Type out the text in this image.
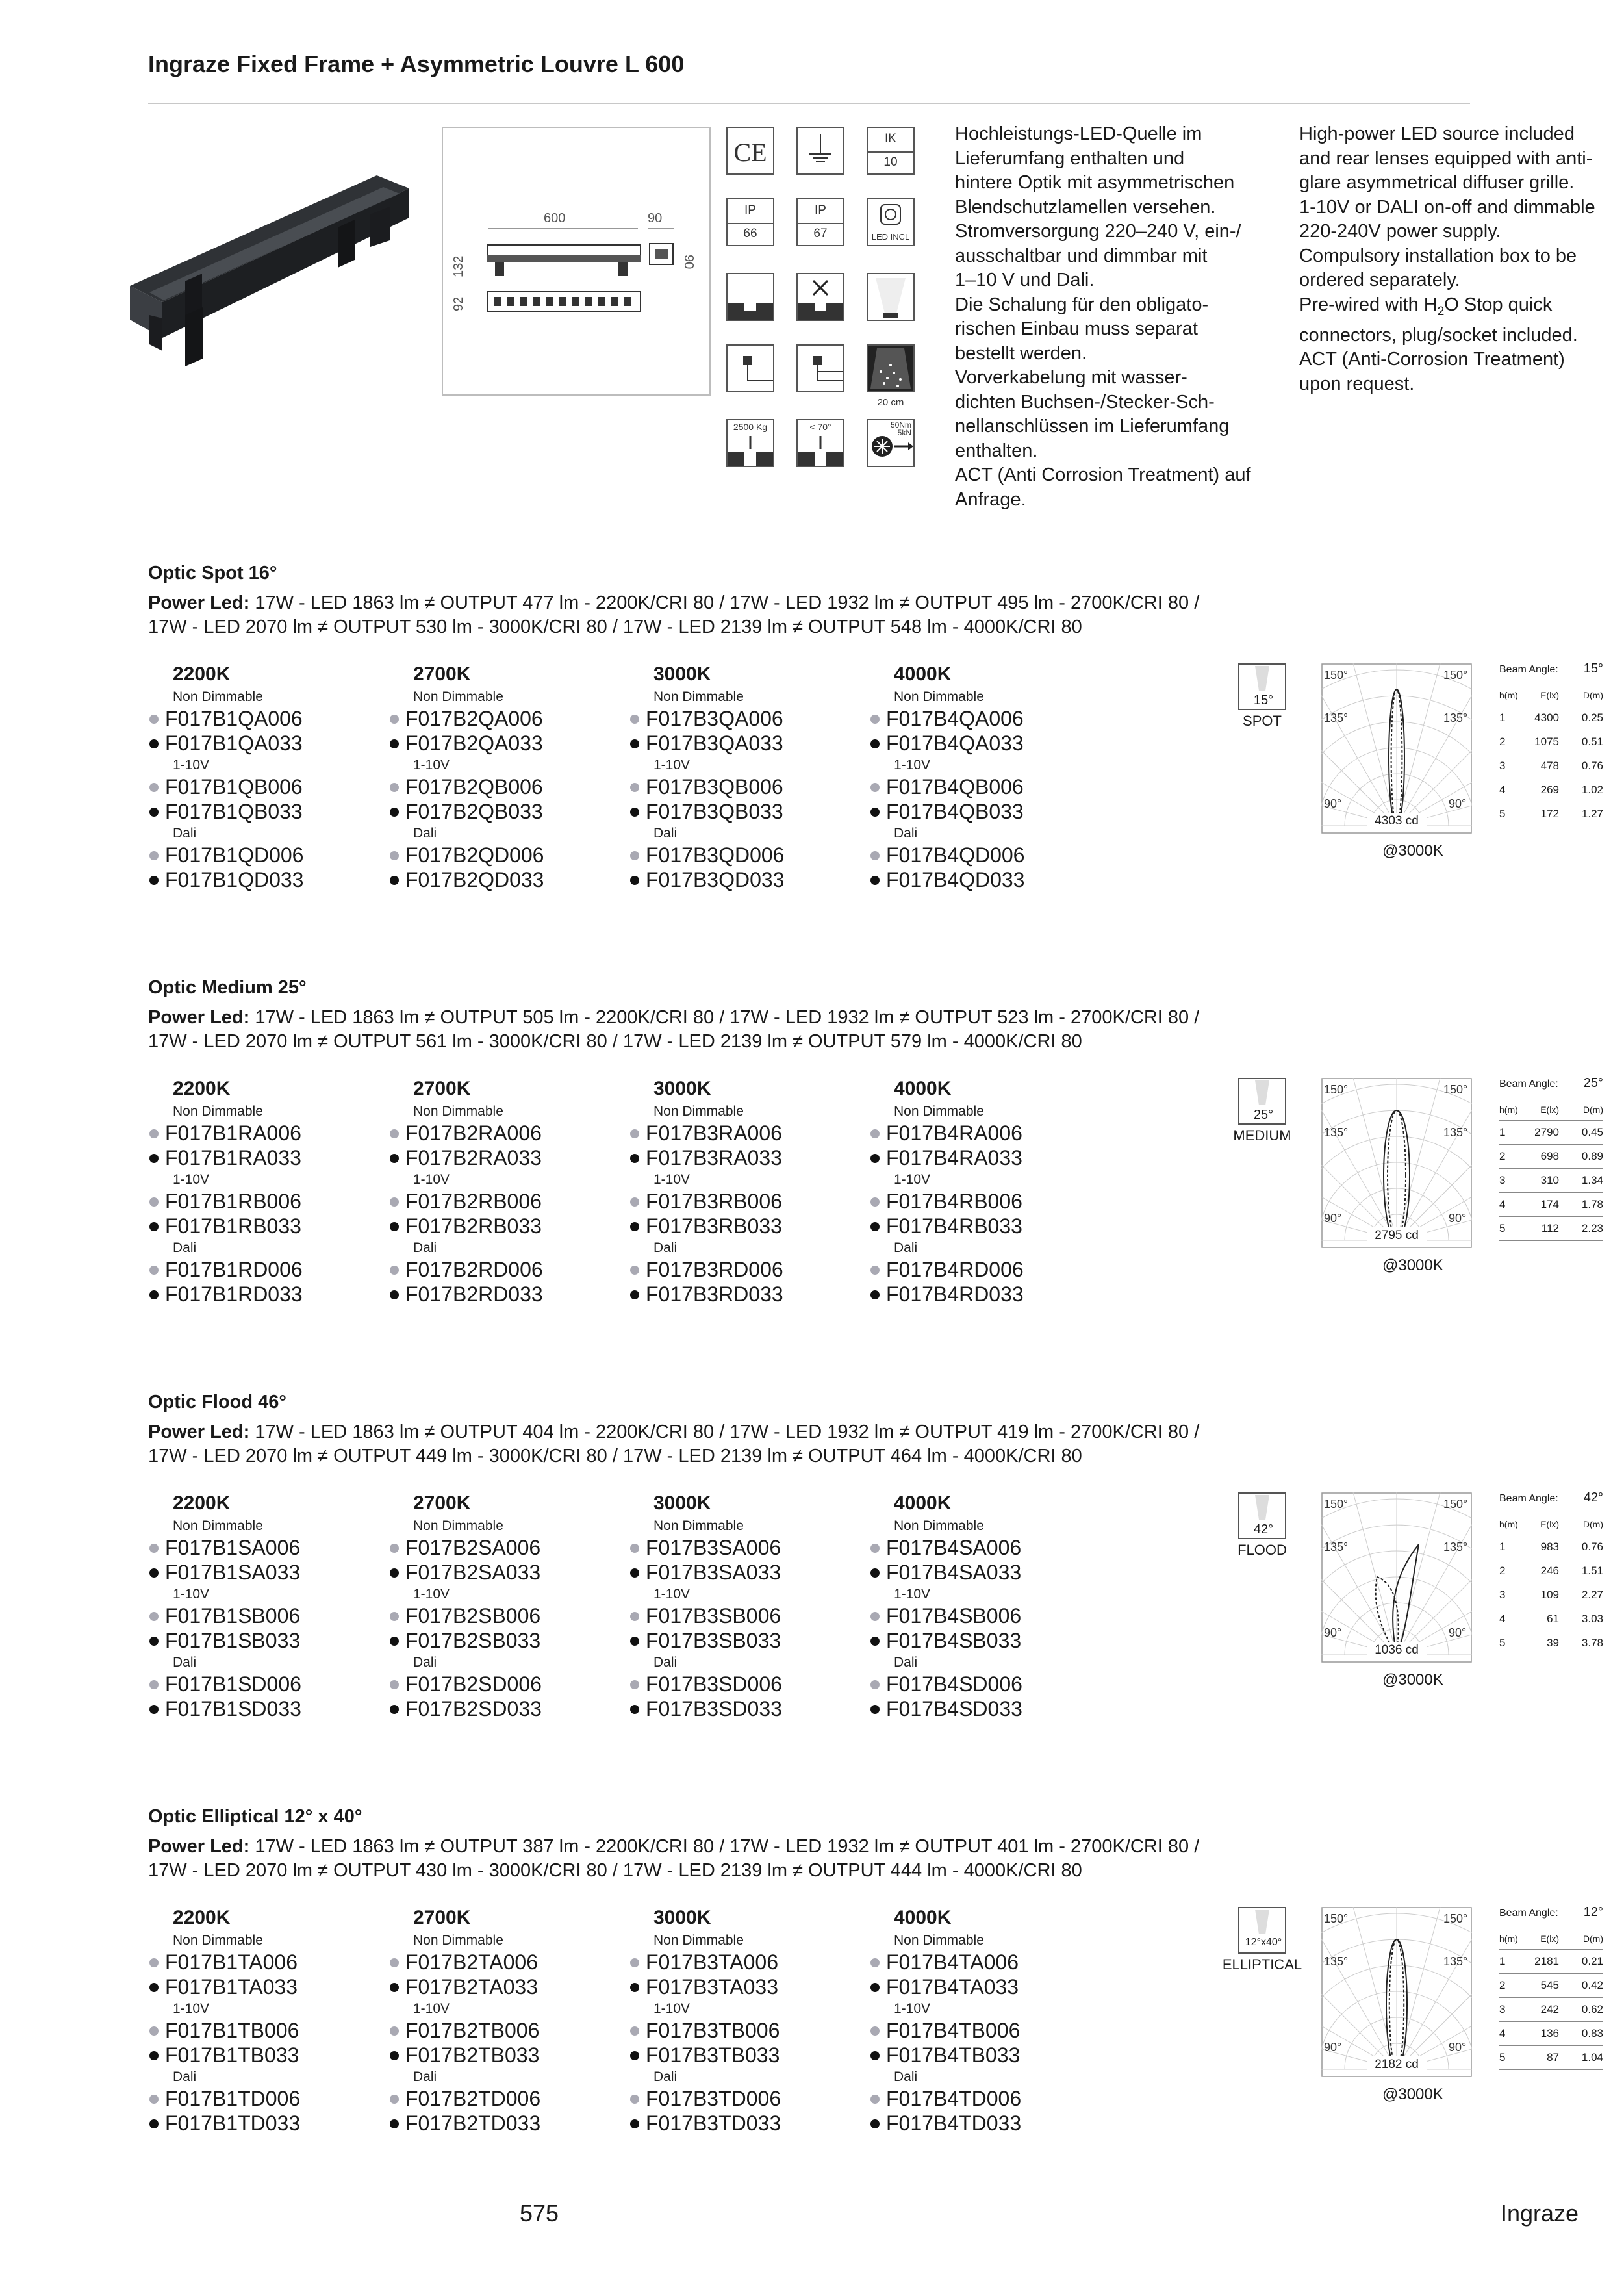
Ingraze Fixed Frame + Asymmetric Louvre L 600
600	90
132	90
92
CE	IK
10
IP
66
IP
67	LED INCL
20 cm
2500 Kg	< 70°	50Nm
5kN
Hochleistungs-LED-Quelle im
Lieferumfang enthalten und
hintere Optik mit asymmetrischen
Blendschutzlamellen versehen.
Stromversorgung 220–240 V, ein-/
ausschaltbar und dimmbar mit
1–10 V und Dali.
Die Schalung für den obligato-
rischen Einbau muss separat
bestellt werden.
Vorverkabelung mit wasser-
dichten Buchsen-/Stecker-Sch-
nellanschlüssen im Lieferumfang
enthalten.
ACT (Anti Corrosion Treatment) auf
Anfrage.
High-power LED source included
and rear lenses equipped with anti-
glare asymmetrical diffuser grille.
1-10V or DALI on-off and dimmable
220-240V power supply.
Compulsory installation box to be
ordered separately.
Pre-wired with $H_2O$ Stop quick
connectors, plug/socket included.
ACT (Anti-Corrosion Treatment)
upon request.
Optic Spot 16°
Power Led: 17W - LED 1863 lm ≠ OUTPUT 477 lm - 2200K/CRI 80 / 17W - LED 1932 lm ≠ OUTPUT 495 lm - 2700K/CRI 80 /
17W - LED 2070 lm ≠ OUTPUT 530 lm - 3000K/CRI 80 / 17W - LED 2139 lm ≠ OUTPUT 548 lm - 4000K/CRI 80
2200K
Non Dimmable
F017B1QA006
F017B1QA033
1-10V
F017B1QB006
F017B1QB033
Dali
F017B1QD006
F017B1QD033
2700K
Non Dimmable
F017B2QA006
F017B2QA033
1-10V
F017B2QB006
F017B2QB033
Dali
F017B2QD006
F017B2QD033
3000K
Non Dimmable
F017B3QA006
F017B3QA033
1-10V
F017B3QB006
F017B3QB033
Dali
F017B3QD006
F017B3QD033
4000K
Non Dimmable
F017B4QA006
F017B4QA033
1-10V
F017B4QB006
F017B4QB033
Dali
F017B4QD006
F017B4QD033
15°
SPOT
150°	150°
135°	135°
90°	90°
4303 cd
@3000K
Beam Angle: 15°
h(m) E(lx)	D(m)
1	4300 0.25
2	1075 0.51
3	478 0.76
4	269 1.02
5	172 1.27
Optic Medium 25°
Power Led: 17W - LED 1863 lm ≠ OUTPUT 505 lm - 2200K/CRI 80 / 17W - LED 1932 lm ≠ OUTPUT 523 lm - 2700K/CRI 80 /
17W - LED 2070 lm ≠ OUTPUT 561 lm - 3000K/CRI 80 / 17W - LED 2139 lm ≠ OUTPUT 579 lm - 4000K/CRI 80
2200K
Non Dimmable
F017B1RA006
F017B1RA033
1-10V
F017B1RB006
F017B1RB033
Dali
F017B1RD006
F017B1RD033
2700K
Non Dimmable
F017B2RA006
F017B2RA033
1-10V
F017B2RB006
F017B2RB033
Dali
F017B2RD006
F017B2RD033
3000K
Non Dimmable
F017B3RA006
F017B3RA033
1-10V
F017B3RB006
F017B3RB033
Dali
F017B3RD006
F017B3RD033
4000K
Non Dimmable
F017B4RA006
F017B4RA033
1-10V
F017B4RB006
F017B4RB033
Dali
F017B4RD006
F017B4RD033
25°
MEDIUM
150°	150°
135°	135°
90°	90°
2795 cd
@3000K
Beam Angle: 25°
h(m) E(lx)	D(m)
1	2790 0.45
2	698 0.89
3	310 1.34
4	174 1.78
5	112 2.23
Optic Flood 46°
Power Led: 17W - LED 1863 lm ≠ OUTPUT 404 lm - 2200K/CRI 80 / 17W - LED 1932 lm ≠ OUTPUT 419 lm - 2700K/CRI 80 /
17W - LED 2070 lm ≠ OUTPUT 449 lm - 3000K/CRI 80 / 17W - LED 2139 lm ≠ OUTPUT 464 lm - 4000K/CRI 80
2200K
Non Dimmable
F017B1SA006
F017B1SA033
1-10V
F017B1SB006
F017B1SB033
Dali
F017B1SD006
F017B1SD033
2700K
Non Dimmable
F017B2SA006
F017B2SA033
1-10V
F017B2SB006
F017B2SB033
Dali
F017B2SD006
F017B2SD033
3000K
Non Dimmable
F017B3SA006
F017B3SA033
1-10V
F017B3SB006
F017B3SB033
Dali
F017B3SD006
F017B3SD033
4000K
Non Dimmable
F017B4SA006
F017B4SA033
1-10V
F017B4SB006
F017B4SB033
Dali
F017B4SD006
F017B4SD033
42°
FLOOD
150°	150°
135°	135°
90°	90°
1036 cd
@3000K
Beam Angle: 42°
h(m) E(lx)	D(m)
1	983 0.76
2	246 1.51
3	109 2.27
4	61 3.03
5	39 3.78
Optic Elliptical 12° x 40°
Power Led: 17W - LED 1863 lm ≠ OUTPUT 387 lm - 2200K/CRI 80 / 17W - LED 1932 lm ≠ OUTPUT 401 lm - 2700K/CRI 80 /
17W - LED 2070 lm ≠ OUTPUT 430 lm - 3000K/CRI 80 / 17W - LED 2139 lm ≠ OUTPUT 444 lm - 4000K/CRI 80
2200K
Non Dimmable
F017B1TA006
F017B1TA033
1-10V
F017B1TB006
F017B1TB033
Dali
F017B1TD006
F017B1TD033
2700K
Non Dimmable
F017B2TA006
F017B2TA033
1-10V
F017B2TB006
F017B2TB033
Dali
F017B2TD006
F017B2TD033
3000K
Non Dimmable
F017B3TA006
F017B3TA033
1-10V
F017B3TB006
F017B3TB033
Dali
F017B3TD006
F017B3TD033
4000K
Non Dimmable
F017B4TA006
F017B4TA033
1-10V
F017B4TB006
F017B4TB033
Dali
F017B4TD006
F017B4TD033
12°x40°
ELLIPTICAL
150°	150°
135°	135°
90°	90°
2182 cd
@3000K
Beam Angle: 12°
h(m) E(lx)	D(m)
1	2181 0.21
2	545 0.42
3	242 0.62
4	136 0.83
5	87 1.04
575	Ingraze
